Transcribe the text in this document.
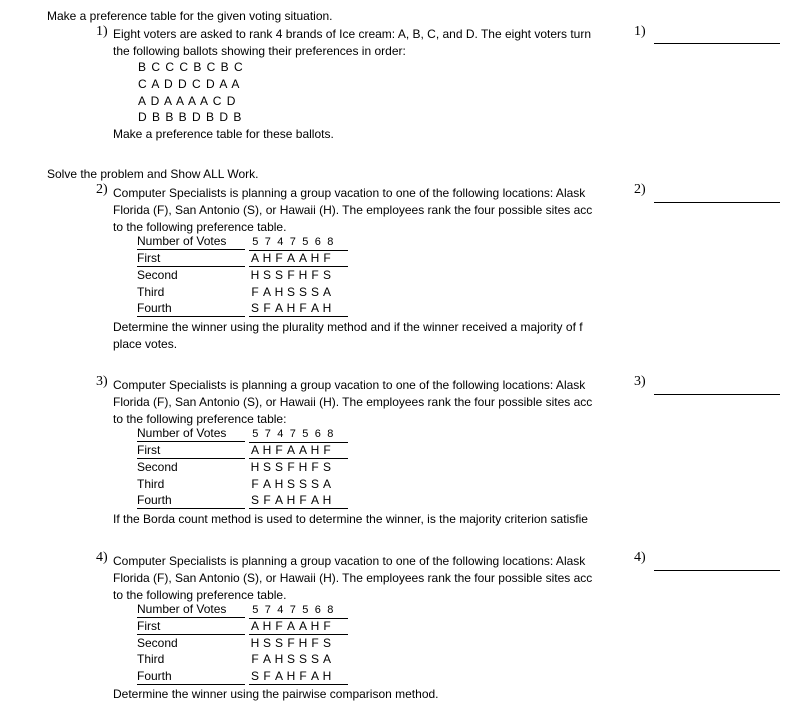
Make a preference table for the given voting situation.
1) Eight voters are asked to rank 4 brands of Ice cream: A, B, C, and D. The eight voters turn
the following ballots showing their preferences in order:
B C C C B C B C
C A D D C D A A
A D A A A A C D
D B B B D B D B
Make a preference table for these ballots.
1)
Solve the problem and Show ALL Work.
2) Computer Specialists is planning a group vacation to one of the following locations: Alask
Florida (F), San Antonio (S), or Hawaii (H). The employees rank the four possible sites acc
to the following preference table.
2)
Number of Votes	5 7 4 7 5 6 8
First	A H F A A H F
Second	H S S F H F S
Third	F A H S S S A
Fourth	S F A H F A H
Determine the winner using the plurality method and if the winner received a majority of f
place votes.
3) Computer Specialists is planning a group vacation to one of the following locations: Alask
Florida (F), San Antonio (S), or Hawaii (H). The employees rank the four possible sites acc
to the following preference table:
3)
Number of Votes	5 7 4 7 5 6 8
First	A H F A A H F
Second	H S S F H F S
Third	F A H S S S A
Fourth	S F A H F A H
If the Borda count method is used to determine the winner, is the majority criterion satisfie
4) Computer Specialists is planning a group vacation to one of the following locations: Alask
Florida (F), San Antonio (S), or Hawaii (H). The employees rank the four possible sites acc
to the following preference table.
4)
Number of Votes	5 7 4 7 5 6 8
First	A H F A A H F
Second	H S S F H F S
Third	F A H S S S A
Fourth	S F A H F A H
Determine the winner using the pairwise comparison method.
